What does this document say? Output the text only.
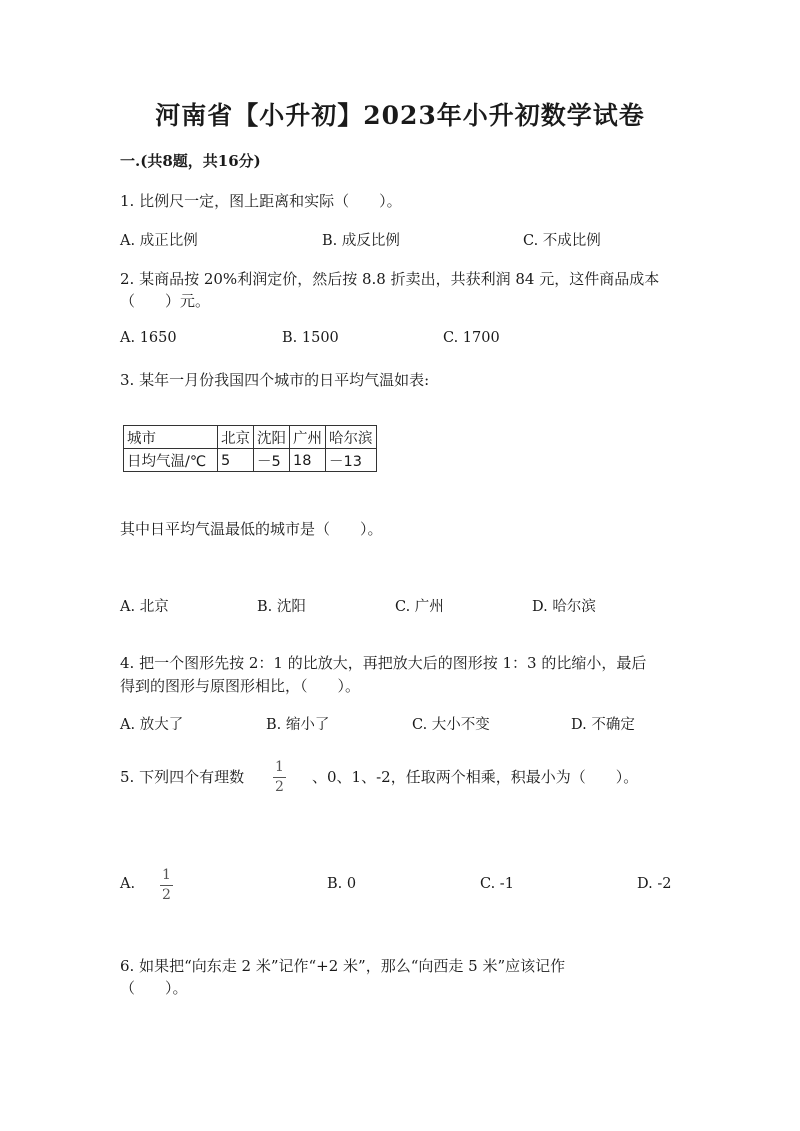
河南省【小升初】2023年小升初数学试卷
一.(共8题，共16分)
1. 比例尺一定，图上距离和实际（　　）。
A. 成正比例	B. 成反比例	C. 不成比例
2. 某商品按 20%利润定价，然后按 8.8 折卖出，共获利润 84 元，这件商品成本
（　　）元。
A. 1650	B. 1500	C. 1700
3. 某年一月份我国四个城市的日平均气温如表:
城市	北京	沈阳	广州	哈尔滨
日均气温/℃	5	－5	18	－13
其中日平均气温最低的城市是（　　）。
A. 北京	B. 沈阳	C. 广州	D. 哈尔滨
4. 把一个图形先按 2：1 的比放大，再把放大后的图形按 1：3 的比缩小，最后
得到的图形与原图形相比，（　　）。
A. 放大了	B. 缩小了	C. 大小不变	D. 不确定
5. 下列四个有理数
1
2
、0、1、-2，任取两个相乘，积最小为（　　）。
A.
1
2
B. 0	C. -1	D. -2
6. 如果把“向东走 2 米”记作“+2 米”，那么“向西走 5 米”应该记作
（　　）。
